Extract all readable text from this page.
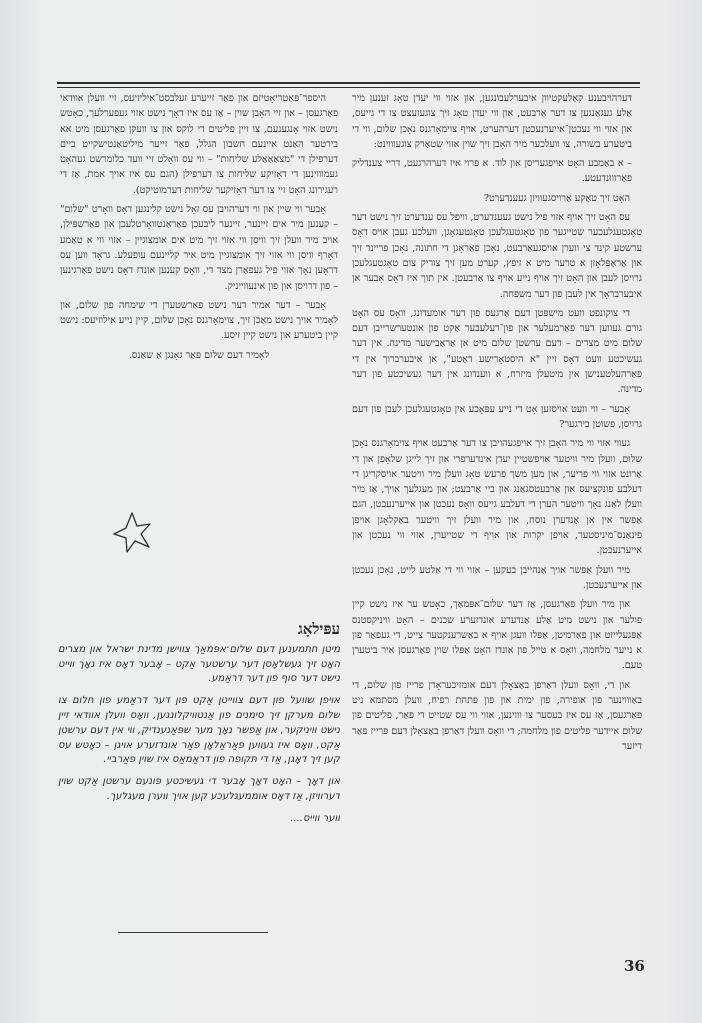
דערהויבענע קאַלעקטיוון איבערלעבונגען, און אזוי ווי יעדן טאָג זענען מיר אַלע געגאַנגען צו דער אַרבעט, און ווי יעדן טאָג זיך צוגעזעצט צו די גייעס, און אזוי ווי נעכטן־אייערנעכטן דערהערט, אויף צוימאָרגנס נאָכן שלום, ווי די ביטערע בשורה, צו וועלכער מיר האָבן זיך שוין אזוי שטאַרק צוגעוווינט:

– א באַמבע האָט אויפגעריסן און לוד. א פּרוי איז דערהרגעט, דריי צענדליק פאַרוווּנדעטע.

האָט זיך טאַקע אַרויסגעוויזן געענדערט?

עס האָט זיך אויף אזוי פיל נישט געענדערט, וויפל עס ענדערט זיך נישט דער טאָגטעגלעכער שטייגער פון טאָגטעגלעכן טאָגטעגאָגן, וועלכע געבן אויס דאָס ערשטע קינד צי ווערן אויסגעאַרבעט, נאָכן פאַראָגן די חתונה, נאָכן פריינד זיך און אַראָפּלאָזן א טרער מיט א זיפץ, קערט מען זיך צוריק צום טאָגטעגלעכן גרויסן לעבן און האָט זיך אויף נייע אויף צו אַרבעטן. אין תוך איז דאָס אָבער אן איבערבראָך אין לעבן פון דער משפּחה.

די צוקונפט וועט מישפּטן דעם אַרגעס פון דער אומעדונג, וואָס עס האָט גורם געווען דער פאַרמעלער און פון־רעלעבער אַקט פון אונטערשרייבן דעם שלום מיט מצרים – דעם ערשטן שלום מיט אן אַראַבישער מדינה. אין דער געשיכטע וועט דאָס זיין "א היסטאָרישע דאַטע", אן איבערברוך אין די פאַרהעלטענישן אין מיטעלן מיזרח, א ווענדונג אין דער געשיכטע פון דער מדינה.

אָבער – ווי וועט אויסזען אָט די נייע עפּאָכע אין טאָגטעגלעכן לעבן פון דעם גרויסן, פשוטן בירגער?

געווי אזוי ווי מיר האָבן זיך אויפגעהויבן צו דער אַרבעט אויף צוימאָרגנס נאָכן שלום, וועלן מיר וויטער אויפשטיין יעדן אינדערפרי און זיך לייגן שלאָפן און די אַרונט אזוי ווי פריער, און מען משך פרעש טאָג וועלן מיר וויטער אויסקריגן די דעלבע פונקציעס און אַרבעטסגאַנג און ביי אַרבעט; און מעגלעך אויך, אַז מיר וועלן לאַנג נאָך וויטער הערן די דעלבע גייעס וואָס נעכטן און אייערנעכטן, הגם אַפשר אין אן אַנדערן נוסח, און מיר וועלן זיך וויטער באַקלאָגן אויפן פינאַנס־מיניסטער, אויפן יקרות און אויף די שטייערן, אזוי ווי נעכטן און אייערנעכטן.

מיר וועלן אַפּשר אויך אַנהייבן בעקען – אזוי ווי די אַלטע לייט, נאָכן נעכטן און אייערנעכטן.

און מיר וועלן פאַרגעסן, אַז דער שלום־אפּמאַך, כאָטש ער איז נישט קיין פולער און נישט מיט אַלע אַנדערע אונדזערע שכנים – האָט וויניקסטנס אַפּגעלייזט און פאַרמיטן, אַפּלו וועגן אויף א באַשרענקטער צייט, די געפאַר פון א נייער מלחמה, וואָס א טייל פון אונדז האָט אַפּלו שוין פאַרגעסן איר ביטערן טעם.

און די, וואָס וועלן דאַרפן באַצאָלן דעם אומזיכעראָרן פרייז פון שלום, די באַוווינער פון אופירה, פון ימית און פון פּתחת רפיח, וועלן מסתמא ניט פאַרגעסן, אַז עס איז בעסער צו וווינען, אזוי ווי עס שטייט די פּאַר, פליטים פון שלום איידער פליטים פון מלחמה; די וואָס וועלן דאַרפן באַצאָלן דעם פּרייז פאַר דיזער

היספר־פּאַטריאָטיזם און פאַר זייערע זעלבסט־איליזיעס, זיי וועלן אוודאי פאַרגעסן – און זיי האָבן שוין – אַז עס איז דאָך נישט אזוי געפערלעך, כאָטש נישט אזוי אָנגענעם, צו זיין פליטים די לוקס און צו וועקן פאַרגעסן מיט אא בירטער האַנט איינעם חשבון הגלל, פאַר זייער מיליטאַנטישקייט ביים דערפילן די "מצאַאַאַלע שליחות" – ווי עס וואָלט זיי וועד כלומרשט געהאָט געמוווינען די דאָזיקע שליחות צו דערפילן (הגם עס איז אויך אמת, אַז די רעגירונג האָט זיי צו דער דאָזיקער שליחות דערמוטיקט).

אָבער ווי שיין און ווי דערהויבן עס זאָל נישט קלינגען דאָס וואָרט "שלום" – קענען מיר אים זיינער, זיינער ליבעכן פאַראַנטוואָרטלעכן און פאַרשפּילן, אויב מיר וועלן זיך וויסן ווי אזוי זיך מיט אים אומצוגיין – אזוי ווי א טאַמע דאָרף וויסן ווי אזוי זיך אומצוגיין מיט איר קליינעם עופעלע. גראָד ווען עס דראָען נאָך אזוי פיל געפאַרן מצד די, וואָס קענען אונדז דאָס נישט פאַרגינען – פון דרויסן און פון אינעווייניק.

אָבער – דער אמיר דער נישט פאַרשטערן די שימחה פון שלום, און לאָמיר אויך נישט מאַכן זיך, צוימאָרגנס נאָכן שלום, קיין נייע אילוזיעס: נישט קיין ביטערע און נישט קיין זיסע.

לאָמיר דעם שלום פּאַר גאָנגן אַ שאַנס.

עפּילאָג

מיטן חתמענען דעם שלום־אפּמאַך צווישן מדינת ישראל און מצרים האָט זיך געשלאָסן דער ערשטער אַקט – אָבער דאָס איז נאָך ווייט נישט דער סוף פון דער דראַמע.

אויפן שוועל פון דעם צווייטן אַקט פון דער דראַמע פון חלום צו שלום מערקן זיך סימנים פון אַנטוויקלונגען, וואָס וועלן אוודאי זיין נישט וויניקער, און אַפשר נאָך מער שפּאַנענדיק, ווי אין דעם ערשטן אַקט, וואָס איז געווען פּאַראַלאָן פאַר אונדזערע אויגן – כאָטש עס קען זיך דאָגן, אַז די תּקופה פון דראַמאַס איז שוין פאַרביי.

און דאָך – האָט דאָך אָבער די געשיכטע פּונעם ערשטן אַקט שוין דערוויזן, אַז דאָס אוממעגלעכע קען אויך ווערן מעגלעך.

ווער ווייס....

36
